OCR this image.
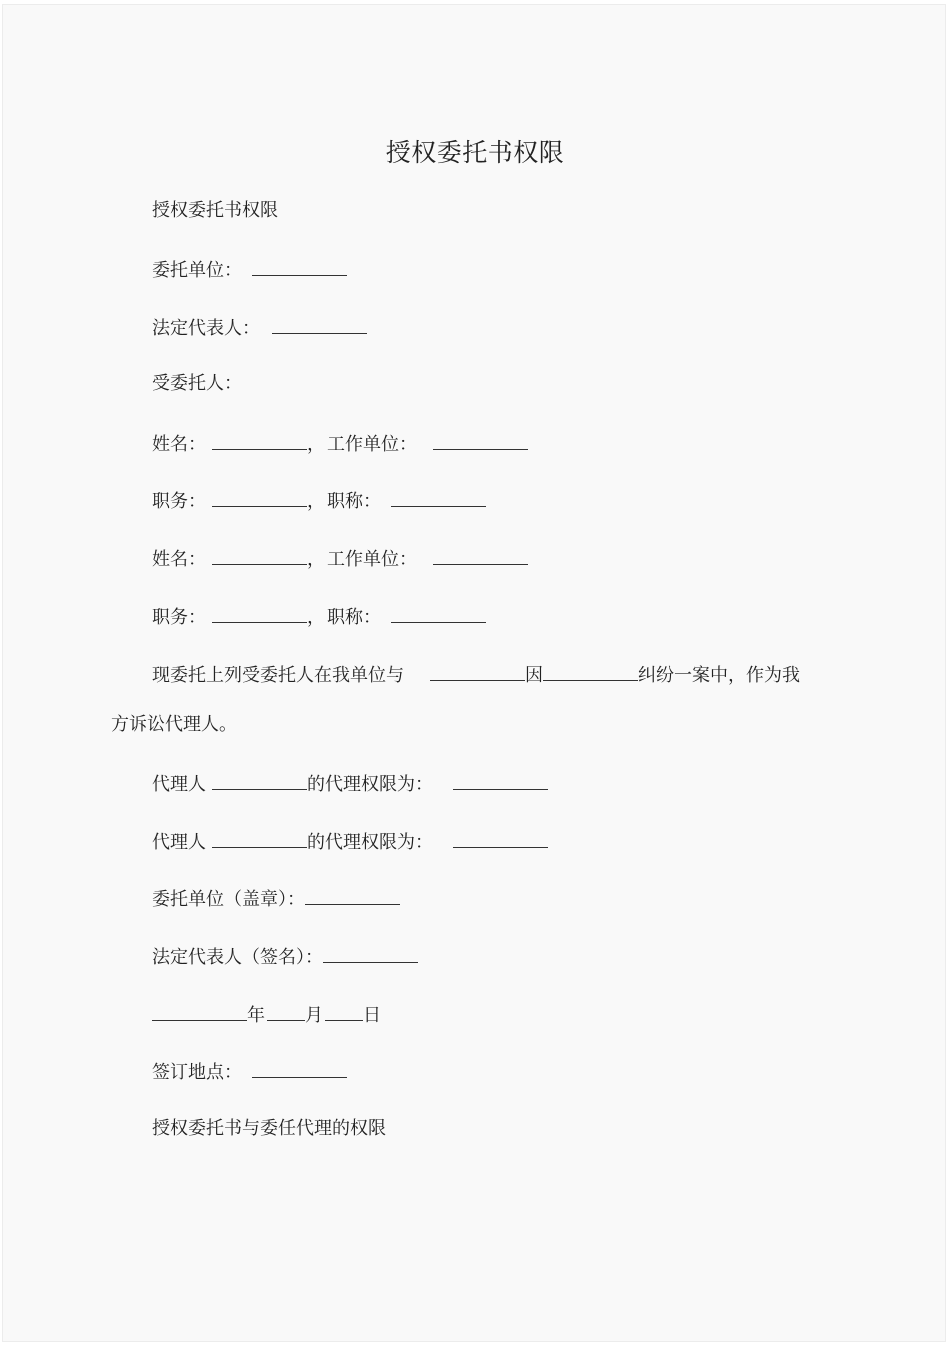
授权委托书权限
授权委托书权限
委托单位：
法定代表人：
受委托人：
姓名：	， 工作单位：
职务：	， 职称：
姓名：	， 工作单位：
职务：	， 职称：
现委托上列受委托人在我单位与	因	纠纷一案中，作为我
方诉讼代理人。
代理人	的代理权限为：
代理人	的代理权限为：
委托单位（盖章）：
法定代表人（签名）：
年 月 日
签订地点：
授权委托书与委任代理的权限
